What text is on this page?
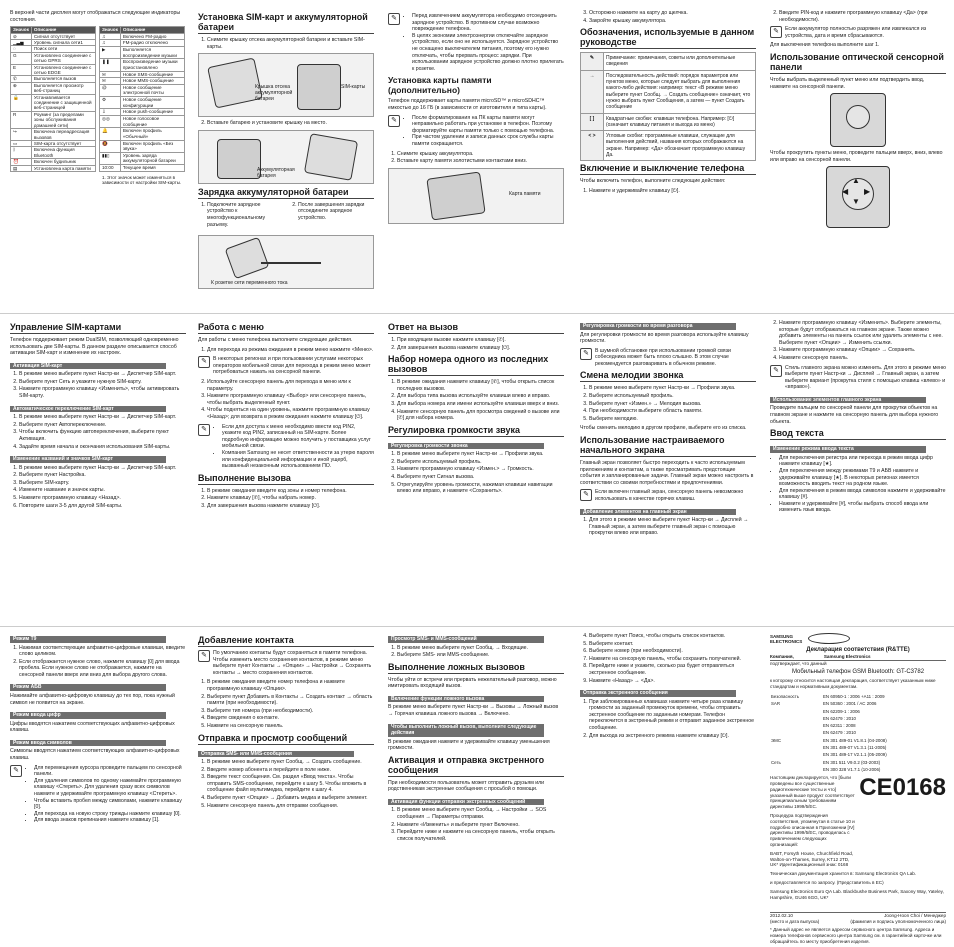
В верхней части дисплея могут отображаться следующие индикаторы состояния.

Значок	Описание
⊘	Сигнал отсутствует
▁▃▅	Уровень сигнала сети1
◌	Поиск сети
G	Установлено соединение с сетью GPRS
E	Установлено соединение с сетью EDGE
✆	Выполняется вызов
⊕	Выполняется просмотр веб-страниц
🔒	Устанавливается соединение с защищенной веб-страницей
R	Роуминг (за пределами зоны обслуживания домашней сети)
↪	Включена переадресация вызовов
▭	SIM-карта отсутствует
ᛒ	Включена функция Bluetooth
⏰	Включен будильник
▤	Установлена карта памяти
Значок	Описание
♫	Включено FM-радио
♫	FM-радио отключено
▶	Выполняется воспроизведение музыки
❚❚	Воспроизведение музыки приостановлено
✉	Новое SMS-сообщение
✉	Новое MMS-сообщение
@	Новое сообщение электронной почты
⚙	Новое сообщение конфигурации
⇩	Новое push-сообщение
◎◎	Новое голосовое сообщение
🔔	Включен профиль «Обычный»
🔕	Включен профиль «Без звука»
▮▮▯	Уровень заряда аккумуляторной батареи
10:00	Текущее время

1. Этот значок может изменяться в зависимости от настройки SIM-карты.

Установка SIM-карт и аккумуляторной батареи
1. Снимите крышку отсека аккумуляторной батареи и вставьте SIM-карты.
Крышка отсека аккумуляторной батареи
SIM-карты
2. Вставьте батарею и установите крышку на место.
Аккумуляторная батарея
Зарядка аккумуляторной батареи
1. Подключите зарядное устройство к многофункциональному разъему.
2. После завершения зарядки отсоедините зарядное устройство.
К розетке сети переменного тока
✎	• Перед извлечением аккумулятора необходимо отсоединить зарядное устройство. В противном случае возможно повреждение телефона.
• В целях экономии электроэнергии отключайте зарядное устройство, если оно не используется. Зарядное устройство не оснащено выключателем питания, поэтому его нужно отключать, чтобы прервать процесс зарядки. При использовании зарядное устройство должно плотно прилегать к розетке.
Установка карты памяти (дополнительно)

Телефон поддерживает карты памяти microSD™ и microSDHC™ емкостью до 16 ГБ (в зависимости от изготовителя и типа карты).

✎	• После форматирования на ПК карты памяти могут неправильно работать при установке в телефон. Поэтому форматируйте карты памяти только с помощью телефона.
• При частом удалении и записи данных срок службы карты памяти сокращается.
1. Снимите крышку аккумулятора.
2. Вставьте карту памяти золотистыми контактами вниз.
Карта памяти
3. Осторожно нажмите на карту до щелчка.
4. Закройте крышку аккумулятора.
Обозначения, используемые в данном руководстве
✎	Примечание: примечания, советы или дополнительные сведения
→	Последовательность действий: порядок параметров или пунктов меню, которые следует выбрать для выполнения какого-либо действия: например: текст «В режиме меню выберите пункт Сообщ. → Создать сообщение» означает, что нужно выбрать пункт Сообщения, а затем — пункт Создать сообщение
[ ]	Квадратные скобки: клавиши телефона. Например: [⏻] (означает клавишу питания и выхода из меню)
< >	Угловые скобки: программные клавиши, служащие для выполнения действий, названия которых отображаются на экране. Например: <Да> обозначает программную клавишу Да.
Включение и выключение телефона

Чтобы включить телефон, выполните следующие действия:

1. Нажмите и удерживайте клавишу [⏻].
2. Введите PIN-код и нажмите программную клавишу <Да> (при необходимости).
✎	Если аккумулятор полностью разряжен или извлекался из устройства, дата и время сбрасываются.

Для выключения телефона выполните шаг 1.

Использование оптической сенсорной панели

Чтобы выбрать выделенный пункт меню или подтвердить ввод, нажмите на сенсорной панели.

Чтобы прокрутить пункты меню, проведите пальцем вверх, вниз, влево или вправо на сенсорной панели.

▲
▼
◀ ▶
Управление SIM-картами

Телефон поддерживает режим DualSIM, позволяющий одновременно использовать две SIM-карты. В данном разделе описывается способ активации SIM-карт и изменение их настроек.

Активация SIM-карт
1. В режиме меню выберите пункт Настр-ки → Диспетчер SIM-карт.
2. Выберите пункт Сеть и укажите нужную SIM-карту.
3. Нажмите программную клавишу <Изменить>, чтобы активировать SIM-карту.
Автоматическое переключение SIM-карт
1. В режиме меню выберите пункт Настр-ки → Диспетчер SIM-карт.
2. Выберите пункт Автопереключение.
3. Чтобы включить функцию автопереключения, выберите пункт Активация.
4. Задайте время начала и окончания использования SIM-карты.
Изменение названий и значков SIM-карт
1. В режиме меню выберите пункт Настр-ки → Диспетчер SIM-карт.
2. Выберите пункт Настройка.
3. Выберите SIM-карту.
4. Измените название и значок карты.
5. Нажмите программную клавишу <Назад>.
6. Повторите шаги 3-5 для другой SIM-карты.
Работа с меню

Для работы с меню телефона выполните следующие действия.

1. Для перехода из режима ожидания в режим меню нажмите <Меню>.
✎	В некоторых регионах и при пользовании услугами некоторых операторов мобильной связи для перехода в режим меню может потребоваться нажать на сенсорной панели.
2. Используйте сенсорную панель для перехода в меню или к параметру.
3. Нажмите программную клавишу <Выбор> или сенсорную панель, чтобы выбрать выделенный пункт.
4. Чтобы подняться на один уровень, нажмите программную клавишу <Назад>; для возврата в режим ожидания нажмите клавишу [⏻].
✎	• Если для доступа к меню необходимо ввести код PIN2, укажите код PIN2, записанный на SIM-карте. Более подробную информацию можно получить у поставщика услуг мобильной связи.
• Компания Samsung не несет ответственности за утерю пароля или конфиденциальной информации и иной ущерб, вызванный незаконным использованием ПО.
Выполнение вызова
1. В режиме ожидания введите код зоны и номер телефона.
2. Нажмите клавишу [✆], чтобы набрать номер.
3. Для завершения вызова нажмите клавишу [⏻].
Ответ на вызов
1. При входящем вызове нажмите клавишу [✆].
2. Для завершения вызова нажмите клавишу [⏻].
Набор номера одного из последних вызовов
1. В режиме ожидания нажмите клавишу [✆], чтобы открыть список последних вызовов.
2. Для выбора типа вызова используйте клавиши влево и вправо.
3. Для выбора номера или имени используйте клавиши вверх и вниз.
4. Нажмите сенсорную панель для просмотра сведений о вызове или [✆] для набора номера.
Регулировка громкости звука
Регулировка громкости звонка
1. В режиме меню выберите пункт Настр-ки → Профили звука.
2. Выберите используемый профиль.
3. Нажмите программную клавишу <Измен.> → Громкость.
4. Выберите пункт Сигнал вызова.
5. Отрегулируйте уровень громкости, нажимая клавиши навигации влево или вправо, и нажмите <Сохранить>.
Регулировка громкости во время разговора

Для регулировки громкости во время разговора используйте клавишу громкости.

✎	В шумной обстановке при использовании громкой связи собеседника может быть плохо слышно. В этом случае рекомендуется разговаривать в обычном режиме.
Смена мелодии звонка
1. В режиме меню выберите пункт Настр-ки → Профили звука.
2. Выберите используемый профиль.
3. Выберите пункт «Измен.» → Мелодия вызова.
4. При необходимости выберите область памяти.
5. Выберите мелодию.

Чтобы сменить мелодию в другом профиле, выберите его из списка.

Использование настраиваемого начального экрана

Главный экран позволяет быстро переходить к часто используемым приложениям и контактам, а также просматривать предстоящие события и запланированные задачи. Главный экран можно настроить в соответствии со своими потребностями и предпочтениями.

✎	Если включен главный экран, сенсорную панель невозможно использовать в качестве горячих клавиш.
Добавление элементов на главный экран
1. Для этого в режиме меню выберите пункт Настр-ки → Дисплей → Главный экран, а затем выберите главный экран с помощью прокрутки влево или вправо.
2. Нажмите программную клавишу <Изменить>. Выберите элементы, которые будут отображаться на главном экране. Также можно добавить элементы на панель ссылок или удалить элементы с нее. Выберите пункт <Опции> → Изменить ссылки.
3. Нажмите программную клавишу <Опции> → Сохранить.
4. Нажмите сенсорную панель.
✎	Стиль главного экрана можно изменить. Для этого в режиме меню выберите пункт Настр-ки → Дисплей → Главный экран, а затем выберите вариант (прокрутка стиля с помощью клавиш «влево» и «вправо»).
Использование элементов главного экрана

Проведите пальцем по сенсорной панели для прокрутки объектов на главном экране и нажмите на сенсорную панель для выбора нужного объекта.

Ввод текста
Изменение режима ввода текста
• Для переключения регистра или перехода в режим ввода цифр нажмите клавишу [★].
• Для переключения между режимами T9 и АБВ нажмите и удерживайте клавишу [★]. В некоторых регионах имеется возможность вводить текст на родном языке.
• Для переключения в режим ввода символов нажмите и удерживайте клавишу [#].
• Нажмите и удерживайте [#], чтобы выбрать способ ввода или изменить язык ввода.
Режим T9
1. Нажимая соответствующие алфавитно-цифровые клавиши, введите слово целиком.
2. Если отображается нужное слово, нажмите клавишу [0] для ввода пробела. Если нужное слово не отображается, нажмите на сенсорной панели вверх или вниз для выбора другого слова.
Режим АБВ

Нажимайте алфавитно-цифровую клавишу до тех пор, пока нужный символ не появится на экране.

Режим ввода цифр

Цифры вводятся нажатием соответствующих алфавитно-цифровых клавиш.

Режим ввода символов

Символы вводятся нажатием соответствующих алфавитно-цифровых клавиш.

✎	• Для перемещения курсора проведите пальцем по сенсорной панели.
• Для удаления символов по одному нажимайте программную клавишу <Стереть>. Для удаления сразу всех символов нажмите и удерживайте программную клавишу <Стереть>.
• Чтобы вставить пробел между символами, нажмите клавишу [0].
• Для перехода на новую строку трижды нажмите клавишу [0].
• Для ввода знаков препинания нажмите клавишу [1].
Добавление контакта
✎	По умолчанию контакты будут сохраняться в памяти телефона. Чтобы изменить место сохранения контактов, в режиме меню выберите пункт Контакты → «Опции» → Настройки → Сохранять контакты → место сохранения контактов.
1. В режиме ожидания введите номер телефона и нажмите программную клавишу <Опции>.
2. Выберите пункт Добавить в Контакты → Создать контакт → область памяти (при необходимости).
3. Выберите тип номера (при необходимости).
4. Введите сведения о контакте.
5. Нажмите на сенсорную панель.
Отправка и просмотр сообщений
Отправка SMS- или MMS-сообщения
1. В режиме меню выберите пункт Сообщ. → Создать сообщение.
2. Введите номер абонента и перейдите в поле ниже.
3. Введите текст сообщения. См. раздел «Ввод текста». Чтобы отправить SMS-сообщение, перейдите к шагу 5. Чтобы вложить в сообщение файл мультимедиа, перейдите к шагу 4.
4. Выберите пункт <Опции> → Добавить медиа и выберите элемент.
5. Нажмите сенсорную панель для отправки сообщения.
Просмотр SMS- и MMS-сообщений
1. В режиме меню выберите пункт Сообщ. → Входящие.
2. Выберите SMS- или MMS-сообщение.
Выполнение ложных вызовов

Чтобы уйти от встречи или прервать нежелательный разговор, можно имитировать входящий вызов.

Включение функции ложного вызова

В режиме меню выберите пункт Настр-ки → Вызовы → Ложный вызов → Горячая клавиша ложного вызова → Включено.

Чтобы выполнить ложный вызов, выполните следующие действия

В режиме ожидания нажмите и удерживайте клавишу уменьшения громкости.

Активация и отправка экстренного сообщения

При необходимости пользователь может отправить друзьям или родственникам экстренные сообщения с просьбой о помощи.

Активация функции отправки экстренных сообщений
1. В режиме меню выберите пункт Сообщ. → Настройки → SOS сообщения → Параметры отправки.
2. Нажмите «Изменить» и выберите пункт Включено.
3. Перейдите ниже и нажмите на сенсорную панель, чтобы открыть список получателей.
4. Выберите пункт Поиск, чтобы открыть список контактов.
5. Выберите контакт.
6. Выберите номер (при необходимости).
7. Нажмите на сенсорную панель, чтобы сохранить получателей.
8. Перейдите ниже и укажите, сколько раз будет отправляться экстренное сообщение.
9. Нажмите «Назад» → <Да>.
Отправка экстренного сообщения
1. При заблокированных клавишах нажмите четыре раза клавишу громкости за заданный промежуток времени, чтобы отправить экстренное сообщение по заданным номерам. Телефон переключится в экстренный режим и отправит заданное экстренное сообщение.
2. Для выхода из экстренного режима нажмите клавишу [⏻].
SAMSUNG ELECTRONICS
Декларация соответствия (R&TTE)
Компания,	Samsung Electronics

подтверждает, что данный

Мобильный телефон GSM Bluetooth: GT-C3782

к которому относится настоящая декларация, соответствует указанным ниже стандартам и нормативным документам.

Безопасность	EN 60950-1 : 2006 +A11 : 2009
SAR	EN 50360 : 2001 / AC 2006
	EN 62209-1 : 2006
	EN 62479 : 2010
	EN 62311 : 2008
	EN 62479 : 2010
ЭМС	EN 301 489-01 V1.8.1 (04-2008)
	EN 301 489-07 V1.3.1 (11-2005)
	EN 301 489-17 V2.1.1 (05-2009)
Сеть	EN 301 511 V9.0.2 (03-2003)
	EN 300 328 V1.7.1 (10-2006)

Настоящим декларируется, что [были проведены все существенные радиотехнические тесты и что] указанный выше продукт соответствует принципиальным требованиям директивы 1999/5/EC.

Процедура подтверждения соответствия, упомянутая в статье 10 и подробно описанная в Приложении [IV] директивы 1999/5/EC, проводилась с привлечением следующих организаций:

BABT, Forsyth House, Churchfield Road, Walton-on-Thames, Surrey, KT12 2TD, UK* Идентификационный знак: 0168

CE0168

Техническая документация хранится в: Samsung Electronics QA Lab.

и предоставляется по запросу. (Представитель в ЕС)

Samsung Electronics Euro QA Lab. Blackbushe Business Park, Saxony Way, Yateley, Hampshire, GU46 6GG, UK*

2012.02.10	Joong-Hoon Choi / Менеджер
(место и дата выпуска)	(фамилия и подпись уполномоченного лица)

* Данный адрес не является адресом сервисного центра Samsung. Адреса и номера телефонов сервисного центра Samsung см. в гарантийной карточке или обращайтесь по месту приобретения изделия.
